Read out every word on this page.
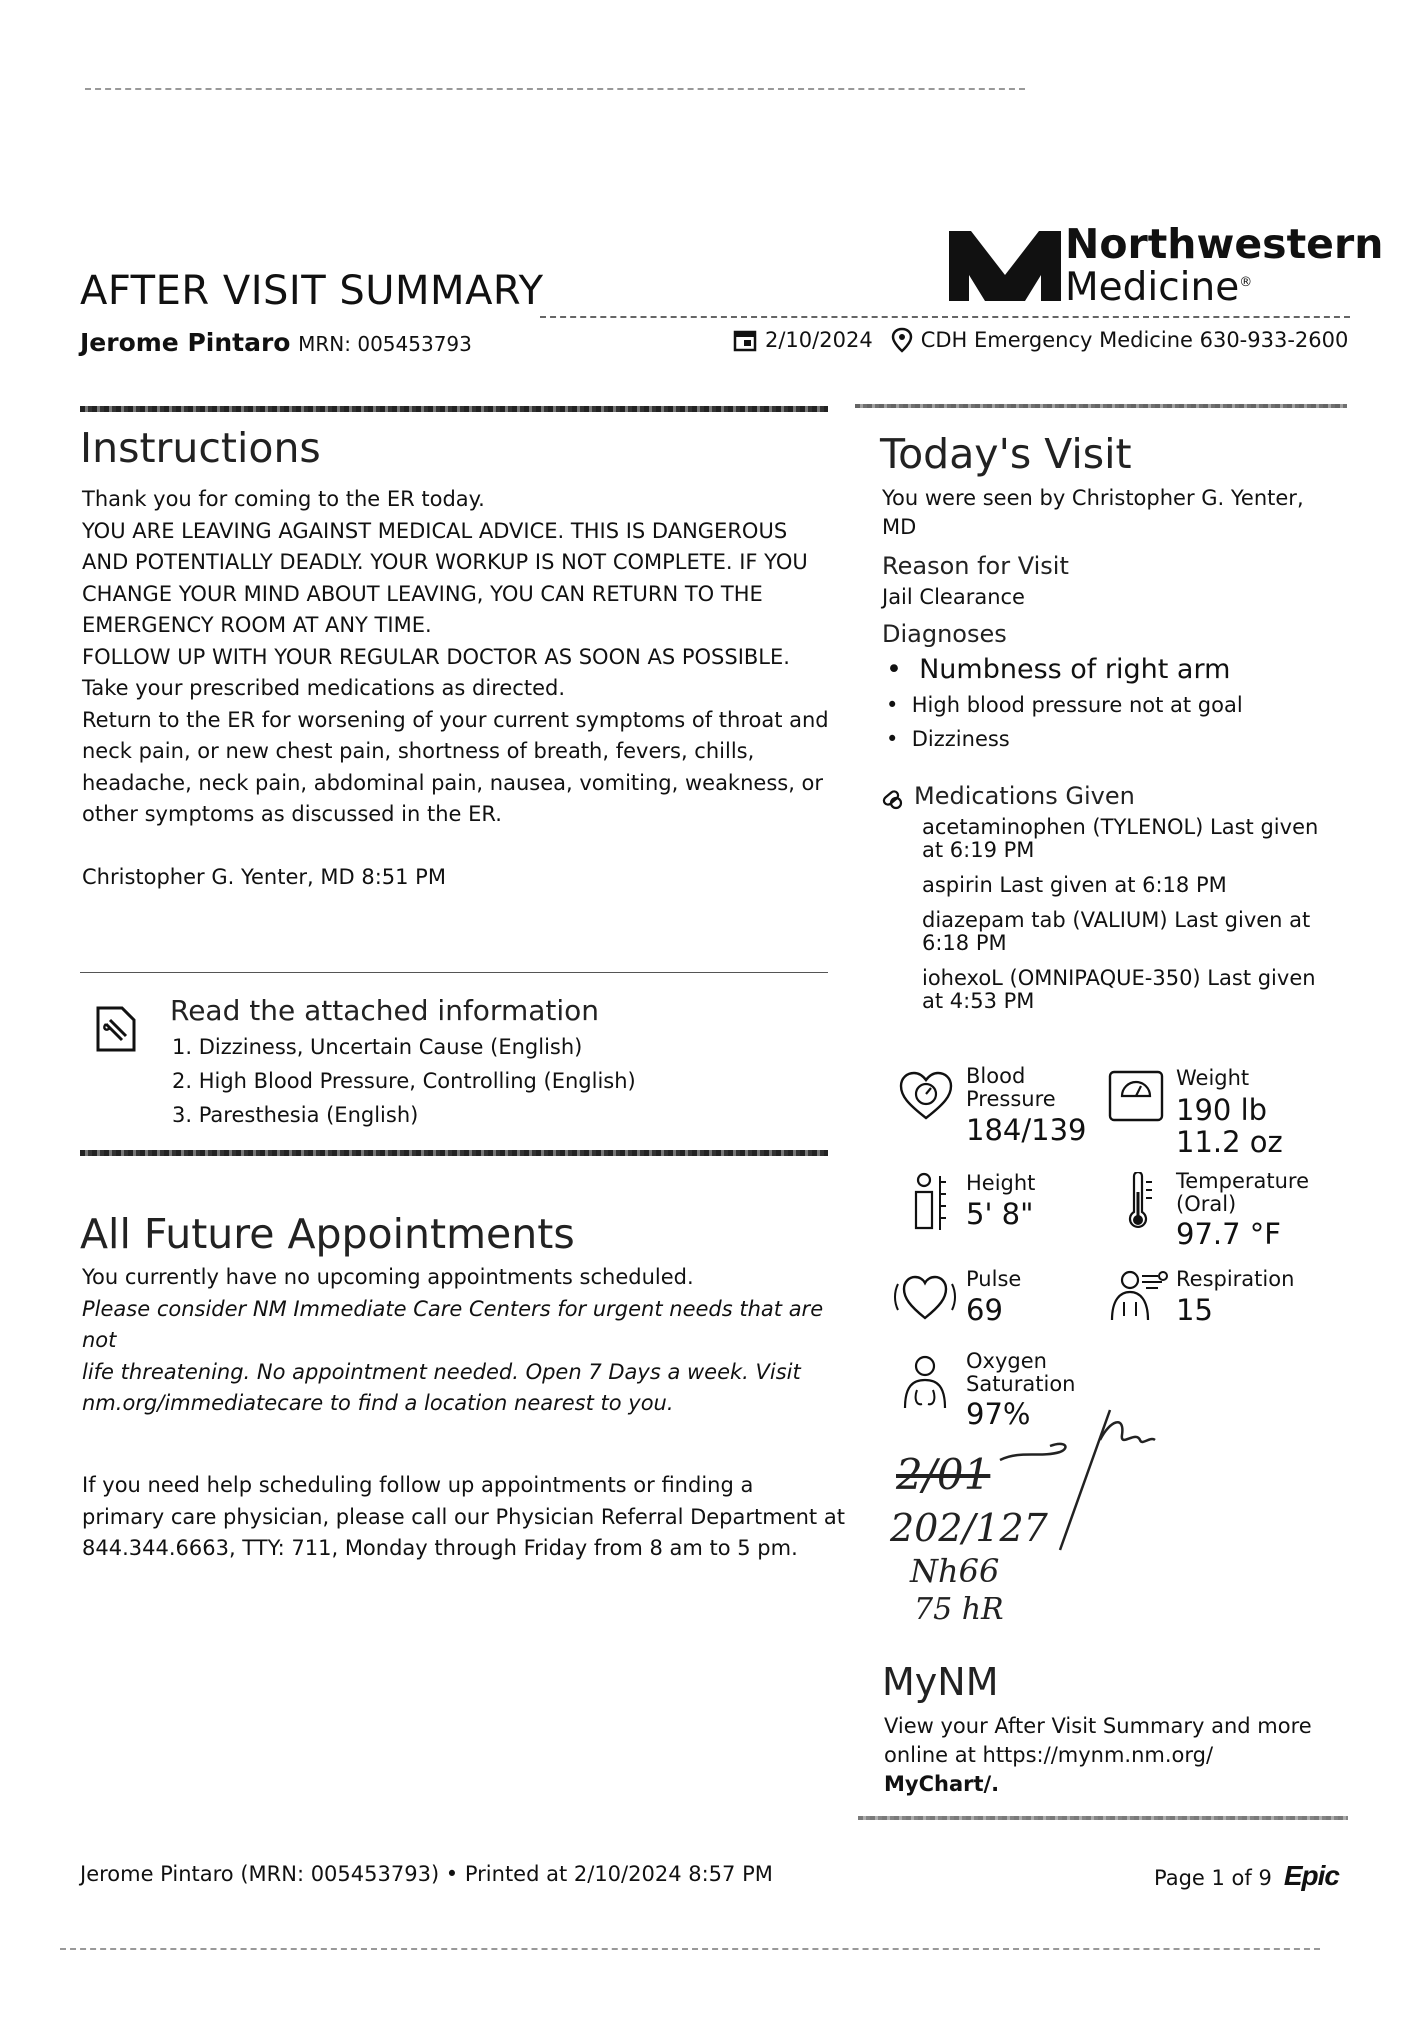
AFTER VISIT SUMMARY
Jerome Pintaro MRN: 005453793
Northwestern
Medicine®
2/10/2024 CDH Emergency Medicine 630-933-2600
Instructions
Thank you for coming to the ER today.
YOU ARE LEAVING AGAINST MEDICAL ADVICE. THIS IS DANGEROUS
AND POTENTIALLY DEADLY. YOUR WORKUP IS NOT COMPLETE. IF YOU
CHANGE YOUR MIND ABOUT LEAVING, YOU CAN RETURN TO THE
EMERGENCY ROOM AT ANY TIME.
FOLLOW UP WITH YOUR REGULAR DOCTOR AS SOON AS POSSIBLE.
Take your prescribed medications as directed.
Return to the ER for worsening of your current symptoms of throat and
neck pain, or new chest pain, shortness of breath, fevers, chills,
headache, neck pain, abdominal pain, nausea, vomiting, weakness, or
other symptoms as discussed in the ER.
Christopher G. Yenter, MD 8:51 PM
Read the attached information
1. Dizziness, Uncertain Cause (English)
2. High Blood Pressure, Controlling (English)
3. Paresthesia (English)
All Future Appointments
You currently have no upcoming appointments scheduled.
Please consider NM Immediate Care Centers for urgent needs that are not
life threatening. No appointment needed. Open 7 Days a week. Visit
nm.org/immediatecare to find a location nearest to you.
If you need help scheduling follow up appointments or finding a
primary care physician, please call our Physician Referral Department at
844.344.6663, TTY: 711, Monday through Friday from 8 am to 5 pm.
Today's Visit
You were seen by Christopher G. Yenter,
MD
Reason for Visit
Jail Clearance
Diagnoses
•  Numbness of right arm
•  High blood pressure not at goal
•  Dizziness
Medications Given
acetaminophen (TYLENOL) Last given
at 6:19 PM
aspirin Last given at 6:18 PM
diazepam tab (VALIUM) Last given at
6:18 PM
iohexoL (OMNIPAQUE-350) Last given
at 4:53 PM
Blood
Pressure
184/139
Weight
190 lb
11.2 oz
Height
5' 8"
Temperature
(Oral)
97.7 °F
Pulse
69
Respiration
15
Oxygen
Saturation
97%
2/01
202/127
Nh66
75 hR
MyNM
View your After Visit Summary and more
online at https://mynm.nm.org/
MyChart/.
Jerome Pintaro (MRN: 005453793) • Printed at 2/10/2024 8:57 PM	Page 1 of 9 Epic
